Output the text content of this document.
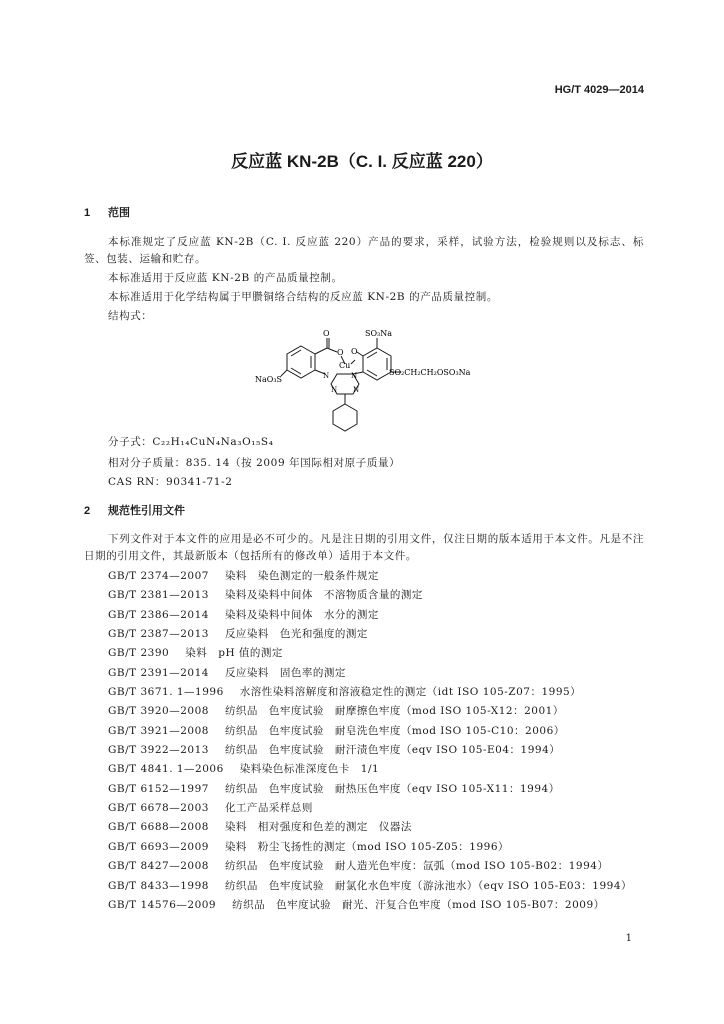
HG/T 4029—2014
反应蓝 KN-2B（C. I. 反应蓝 220）
1 范围
本标准规定了反应蓝 KN-2B（C. I. 反应蓝 220）产品的要求，采样，试验方法，检验规则以及标志、标签、包装、运输和贮存。
本标准适用于反应蓝 KN-2B 的产品质量控制。
本标准适用于化学结构属于甲臜铜络合结构的反应蓝 KN-2B 的产品质量控制。
结构式：
O
O O
Cu
N	N
N N
SO₃Na
NaO₃S
SO₂CH₂CH₂OSO₃Na
分子式：C₂₂H₁₄CuN₄Na₃O₁₅S₄
相对分子质量：835. 14（按 2009 年国际相对原子质量）
CAS RN：90341-71-2
2 规范性引用文件
下列文件对于本文件的应用是必不可少的。凡是注日期的引用文件，仅注日期的版本适用于本文件。凡是不注日期的引用文件，其最新版本（包括所有的修改单）适用于本文件。
GB/T 2374—2007 染料　染色测定的一般条件规定
GB/T 2381—2013 染料及染料中间体　不溶物质含量的测定
GB/T 2386—2014 染料及染料中间体　水分的测定
GB/T 2387—2013 反应染料　色光和强度的测定
GB/T 2390 染料　pH 值的测定
GB/T 2391—2014 反应染料　固色率的测定
GB/T 3671. 1—1996 水溶性染料溶解度和溶液稳定性的测定（idt ISO 105-Z07：1995）
GB/T 3920—2008 纺织品　色牢度试验　耐摩擦色牢度（mod ISO 105-X12：2001）
GB/T 3921—2008 纺织品　色牢度试验　耐皂洗色牢度（mod ISO 105-C10：2006）
GB/T 3922—2013 纺织品　色牢度试验　耐汗渍色牢度（eqv ISO 105-E04：1994）
GB/T 4841. 1—2006 染料染色标准深度色卡　1/1
GB/T 6152—1997 纺织品　色牢度试验　耐热压色牢度（eqv ISO 105-X11：1994）
GB/T 6678—2003 化工产品采样总则
GB/T 6688—2008 染料　相对强度和色差的测定　仪器法
GB/T 6693—2009 染料　粉尘飞扬性的测定（mod ISO 105-Z05：1996）
GB/T 8427—2008 纺织品　色牢度试验　耐人造光色牢度：氙弧（mod ISO 105-B02：1994）
GB/T 8433—1998 纺织品　色牢度试验　耐氯化水色牢度（游泳池水）（eqv ISO 105-E03：1994）
GB/T 14576—2009 纺织品　色牢度试验　耐光、汗复合色牢度（mod ISO 105-B07：2009）
1
